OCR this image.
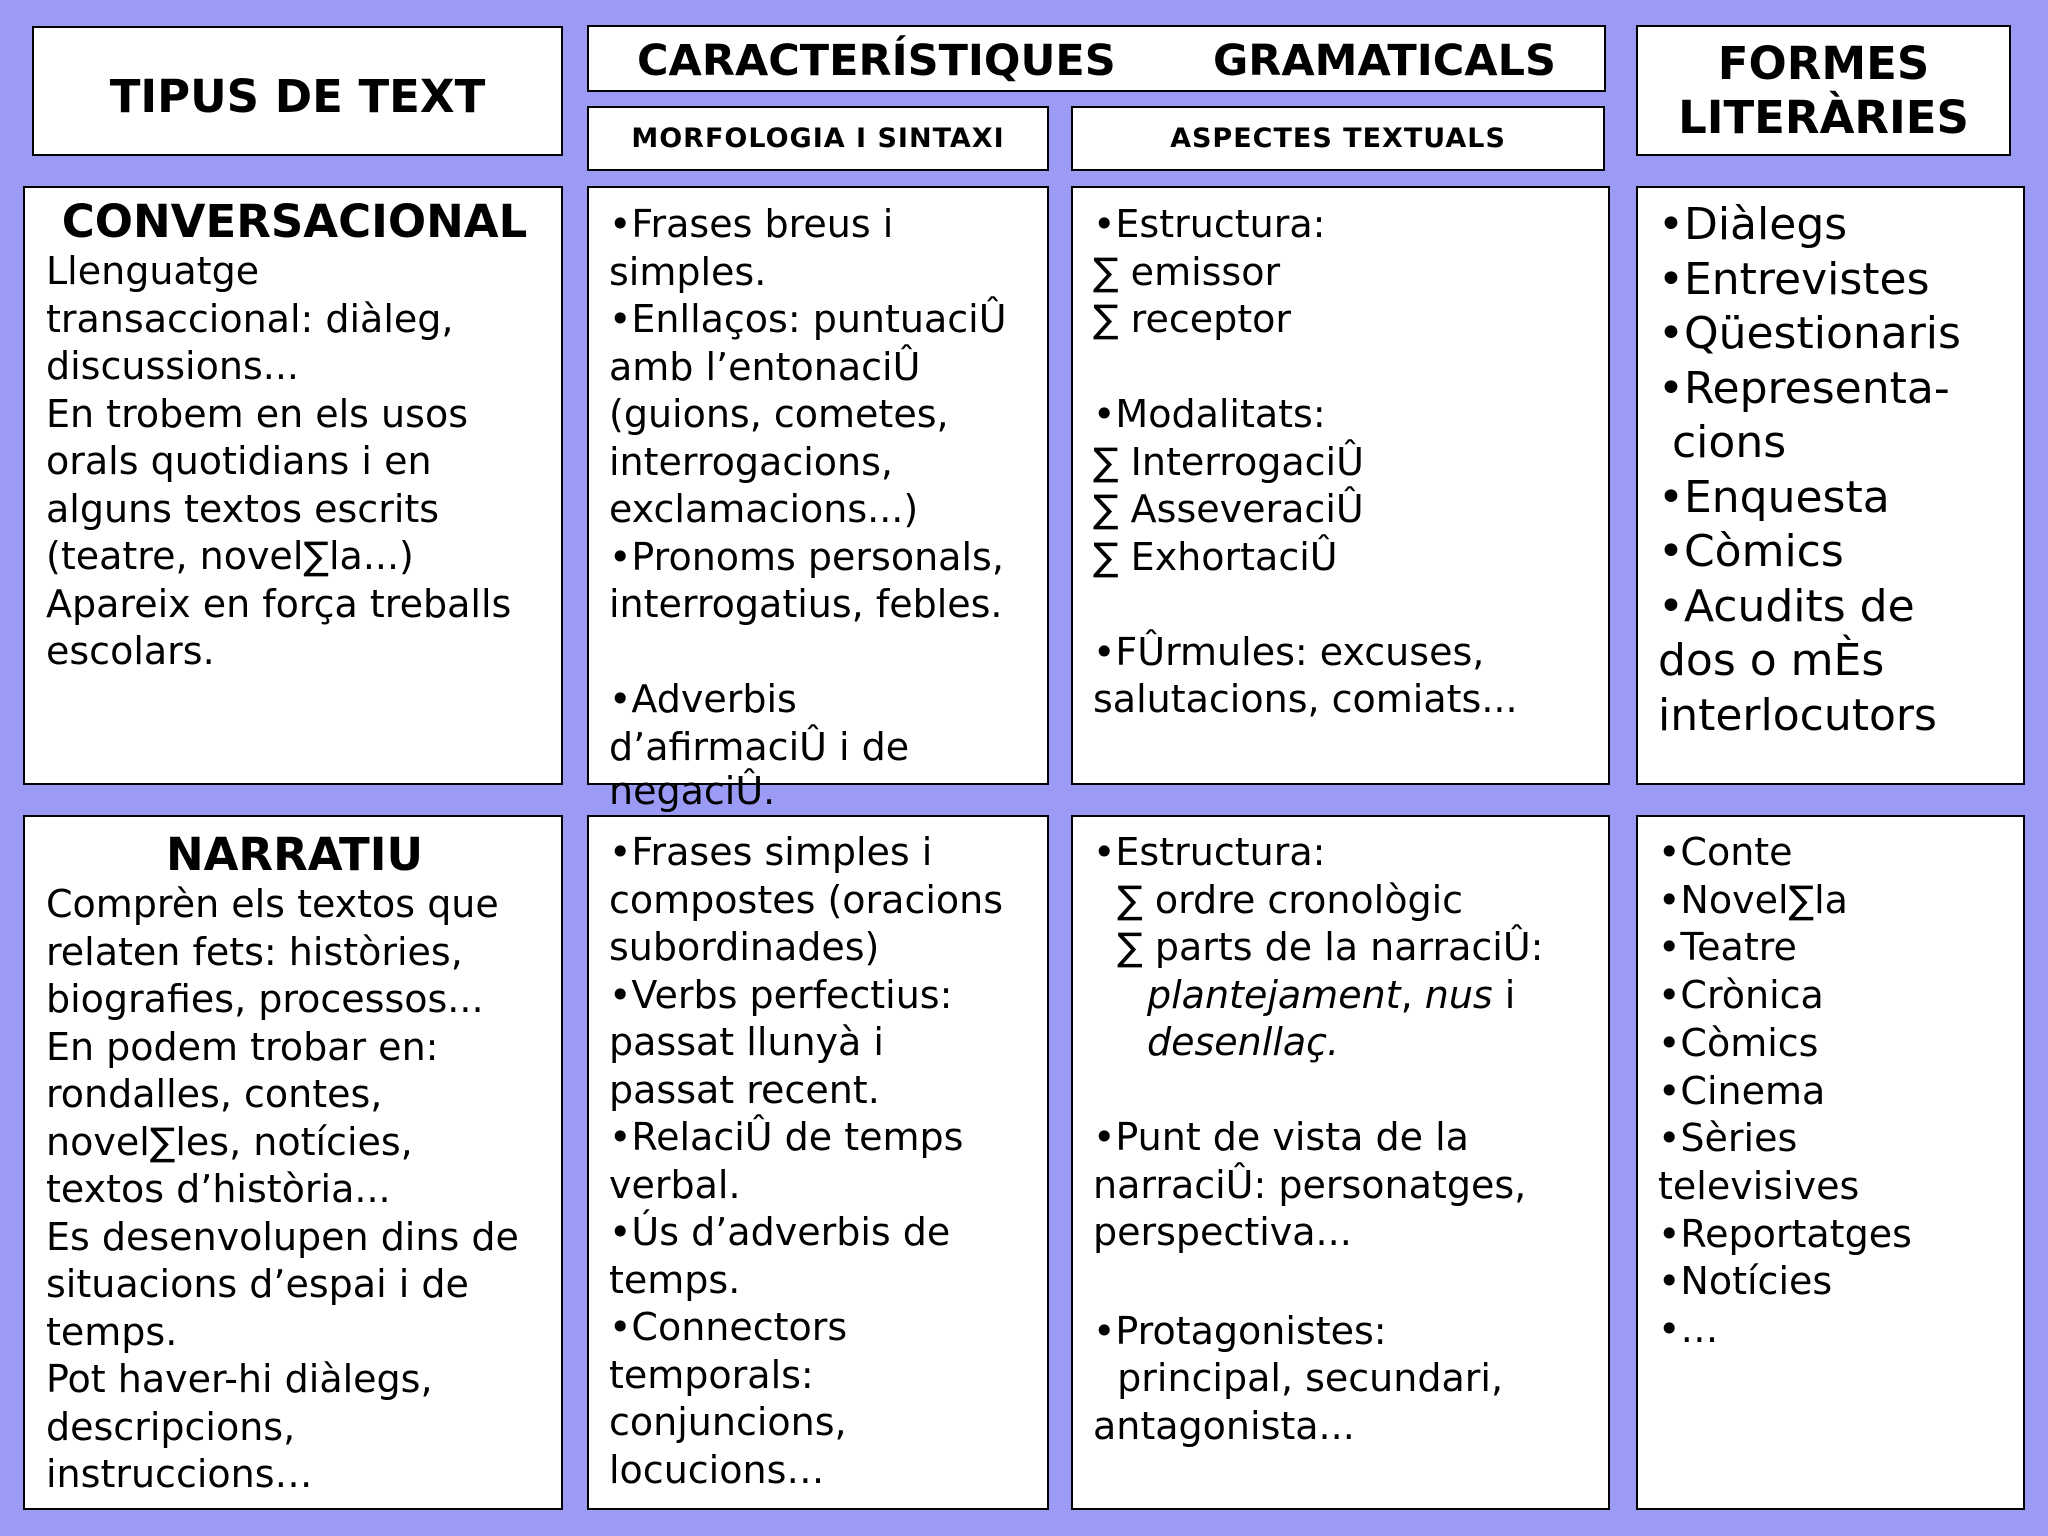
TIPUS DE TEXT
CARACTERÍSTIQUES GRAMATICALS
MORFOLOGIA I SINTAXI	ASPECTES TEXTUALS
FORMES
LITERÀRIES
CONVERSACIONAL
Llenguatge
transaccional: diàleg,
discussions...
En trobem en els usos
orals quotidians i en
alguns textos escrits
(teatre, novel∑la...)
Apareix en força treballs
escolars.
•Frases breus i
simples.
•Enllaços: puntuaciÛ
amb l’entonaciÛ
(guions, cometes,
interrogacions,
exclamacions...)
•Pronoms personals,
interrogatius, febles.
•Adverbis
d’afirmaciÛ i de
negaciÛ.
•Estructura:
∑ emissor
∑ receptor
•Modalitats:
∑ InterrogaciÛ
∑ AsseveraciÛ
∑ ExhortaciÛ
•FÛrmules: excuses,
salutacions, comiats...
•Diàlegs
•Entrevistes
•Qüestionaris
•Representa-
cions
•Enquesta
•Còmics
•Acudits de
dos o mÈs
interlocutors
NARRATIU
Comprèn els textos que
relaten fets: històries,
biografies, processos...
En podem trobar en:
rondalles, contes,
novel∑les, notícies,
textos d’història...
Es desenvolupen dins de
situacions d’espai i de
temps.
Pot haver-hi diàlegs,
descripcions,
instruccions…
•Frases simples i
compostes (oracions
subordinades)
•Verbs perfectius:
passat llunyà i
passat recent.
•RelaciÛ de temps
verbal.
•Ús d’adverbis de
temps.
•Connectors
temporals:
conjuncions,
locucions…
•Estructura:
∑ ordre cronològic
∑ parts de la narraciÛ:
plantejament, nus i
desenllaç.
•Punt de vista de la
narraciÛ: personatges,
perspectiva...
•Protagonistes:
principal, secundari,
antagonista...
•Conte
•Novel∑la
•Teatre
•Crònica
•Còmics
•Cinema
•Sèries
televisives
•Reportatges
•Notícies
•…
